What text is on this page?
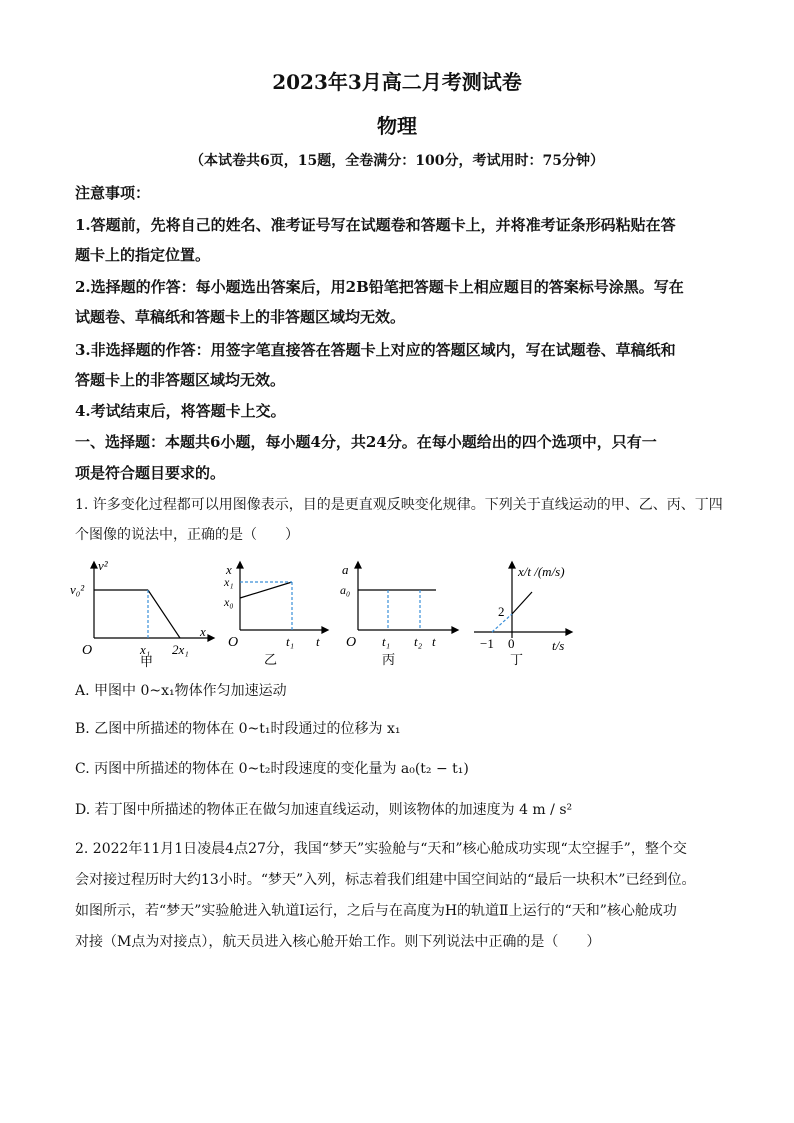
2023年3月高二月考测试卷
物理
（本试卷共6页，15题，全卷满分：100分，考试用时：75分钟）
注意事项：
1.答题前，先将自己的姓名、准考证号写在试题卷和答题卡上，并将准考证条形码粘贴在答
题卡上的指定位置。
2.选择题的作答：每小题选出答案后，用2B铅笔把答题卡上相应题目的答案标号涂黑。写在
试题卷、草稿纸和答题卡上的非答题区域均无效。
3.非选择题的作答：用签字笔直接答在答题卡上对应的答题区域内，写在试题卷、草稿纸和
答题卡上的非答题区域均无效。
4.考试结束后，将答题卡上交。
一、选择题：本题共6小题，每小题4分，共24分。在每小题给出的四个选项中，只有一
项是符合题目要求的。
1. 许多变化过程都可以用图像表示，目的是更直观反映变化规律。下列关于直线运动的甲、乙、丙、丁四
个图像的说法中，正确的是（　　）
v²
v₀²
O	x₁ 2x₁
x
甲
x
x₁
x₀
O	t₁ t
乙
a
a₀
O t₁ t₂ t
丙
x/t /(m/s)
2
−1 0	t/s
丁
A. 甲图中 0~x₁物体作匀加速运动
B. 乙图中所描述的物体在 0~t₁时段通过的位移为 x₁
C. 丙图中所描述的物体在 0~t₂时段速度的变化量为 a₀(t₂ − t₁)
D. 若丁图中所描述的物体正在做匀加速直线运动，则该物体的加速度为 4 m / s²
2. 2022年11月1日凌晨4点27分，我国“梦天”实验舱与“天和”核心舱成功实现“太空握手”，整个交
会对接过程历时大约13小时。“梦天”入列，标志着我们组建中国空间站的“最后一块积木”已经到位。
如图所示，若“梦天”实验舱进入轨道Ⅰ运行，之后与在高度为H的轨道Ⅱ上运行的“天和”核心舱成功
对接（M点为对接点），航天员进入核心舱开始工作。则下列说法中正确的是（　　）
